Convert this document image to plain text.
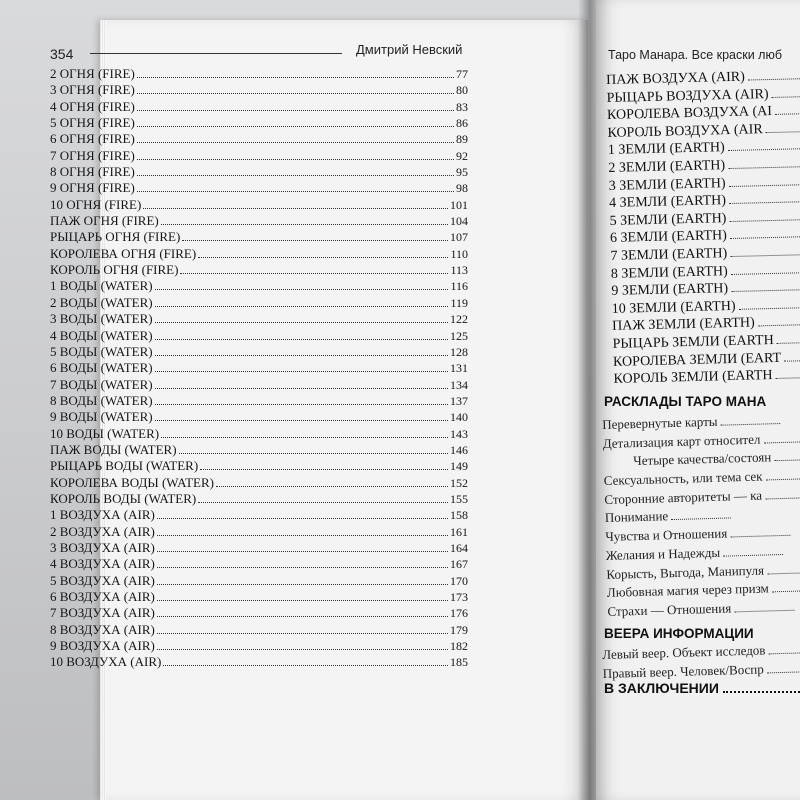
354	Дмитрий Невский
2 ОГНЯ (FIRE)	77
3 ОГНЯ (FIRE)	80
4 ОГНЯ (FIRE)	83
5 ОГНЯ (FIRE)	86
6 ОГНЯ (FIRE)	89
7 ОГНЯ (FIRE)	92
8 ОГНЯ (FIRE)	95
9 ОГНЯ (FIRE)	98
10 ОГНЯ (FIRE)	101
ПАЖ ОГНЯ (FIRE)	104
РЫЦАРЬ ОГНЯ (FIRE)	107
КОРОЛЕВА ОГНЯ (FIRE)	110
КОРОЛЬ ОГНЯ (FIRE)	113
1 ВОДЫ (WATER)	116
2 ВОДЫ (WATER)	119
3 ВОДЫ (WATER)	122
4 ВОДЫ (WATER)	125
5 ВОДЫ (WATER)	128
6 ВОДЫ (WATER)	131
7 ВОДЫ (WATER)	134
8 ВОДЫ (WATER)	137
9 ВОДЫ (WATER)	140
10 ВОДЫ (WATER)	143
ПАЖ ВОДЫ (WATER)	146
РЫЦАРЬ ВОДЫ (WATER)	149
КОРОЛЕВА ВОДЫ (WATER)	152
КОРОЛЬ ВОДЫ (WATER)	155
1 ВОЗДУХА (AIR)	158
2 ВОЗДУХА (AIR)	161
3 ВОЗДУХА (AIR)	164
4 ВОЗДУХА (AIR)	167
5 ВОЗДУХА (AIR)	170
6 ВОЗДУХА (AIR)	173
7 ВОЗДУХА (AIR)	176
8 ВОЗДУХА (AIR)	179
9 ВОЗДУХА (AIR)	182
10 ВОЗДУХА (AIR)	185
Таро Манара. Все краски люб
ПАЖ ВОЗДУХА (AIR)
РЫЦАРЬ ВОЗДУХА (AIR)
КОРОЛЕВА ВОЗДУХА (AI
КОРОЛЬ ВОЗДУХА (AIR
1 ЗЕМЛИ (EARTH)
2 ЗЕМЛИ (EARTH)
3 ЗЕМЛИ (EARTH)
4 ЗЕМЛИ (EARTH)
5 ЗЕМЛИ (EARTH)
6 ЗЕМЛИ (EARTH)
7 ЗЕМЛИ (EARTH)
8 ЗЕМЛИ (EARTH)
9 ЗЕМЛИ (EARTH)
10 ЗЕМЛИ (EARTH)
ПАЖ ЗЕМЛИ (EARTH)
РЫЦАРЬ ЗЕМЛИ (EARTH
КОРОЛЕВА ЗЕМЛИ (EART
КОРОЛЬ ЗЕМЛИ (EARTH
РАСКЛАДЫ ТАРО МАНА
Перевернутые карты
Детализация карт относител
Четыре качества/состоян
Сексуальность, или тема сек
Сторонние авторитеты — ка
Понимание
Чувства и Отношения
Желания и Надежды
Корысть, Выгода, Манипуля
Любовная магия через призм
Страхи — Отношения
ВЕЕРА ИНФОРМАЦИИ
Левый веер. Объект исследов
Правый веер. Человек/Воспр
В ЗАКЛЮЧЕНИИ
